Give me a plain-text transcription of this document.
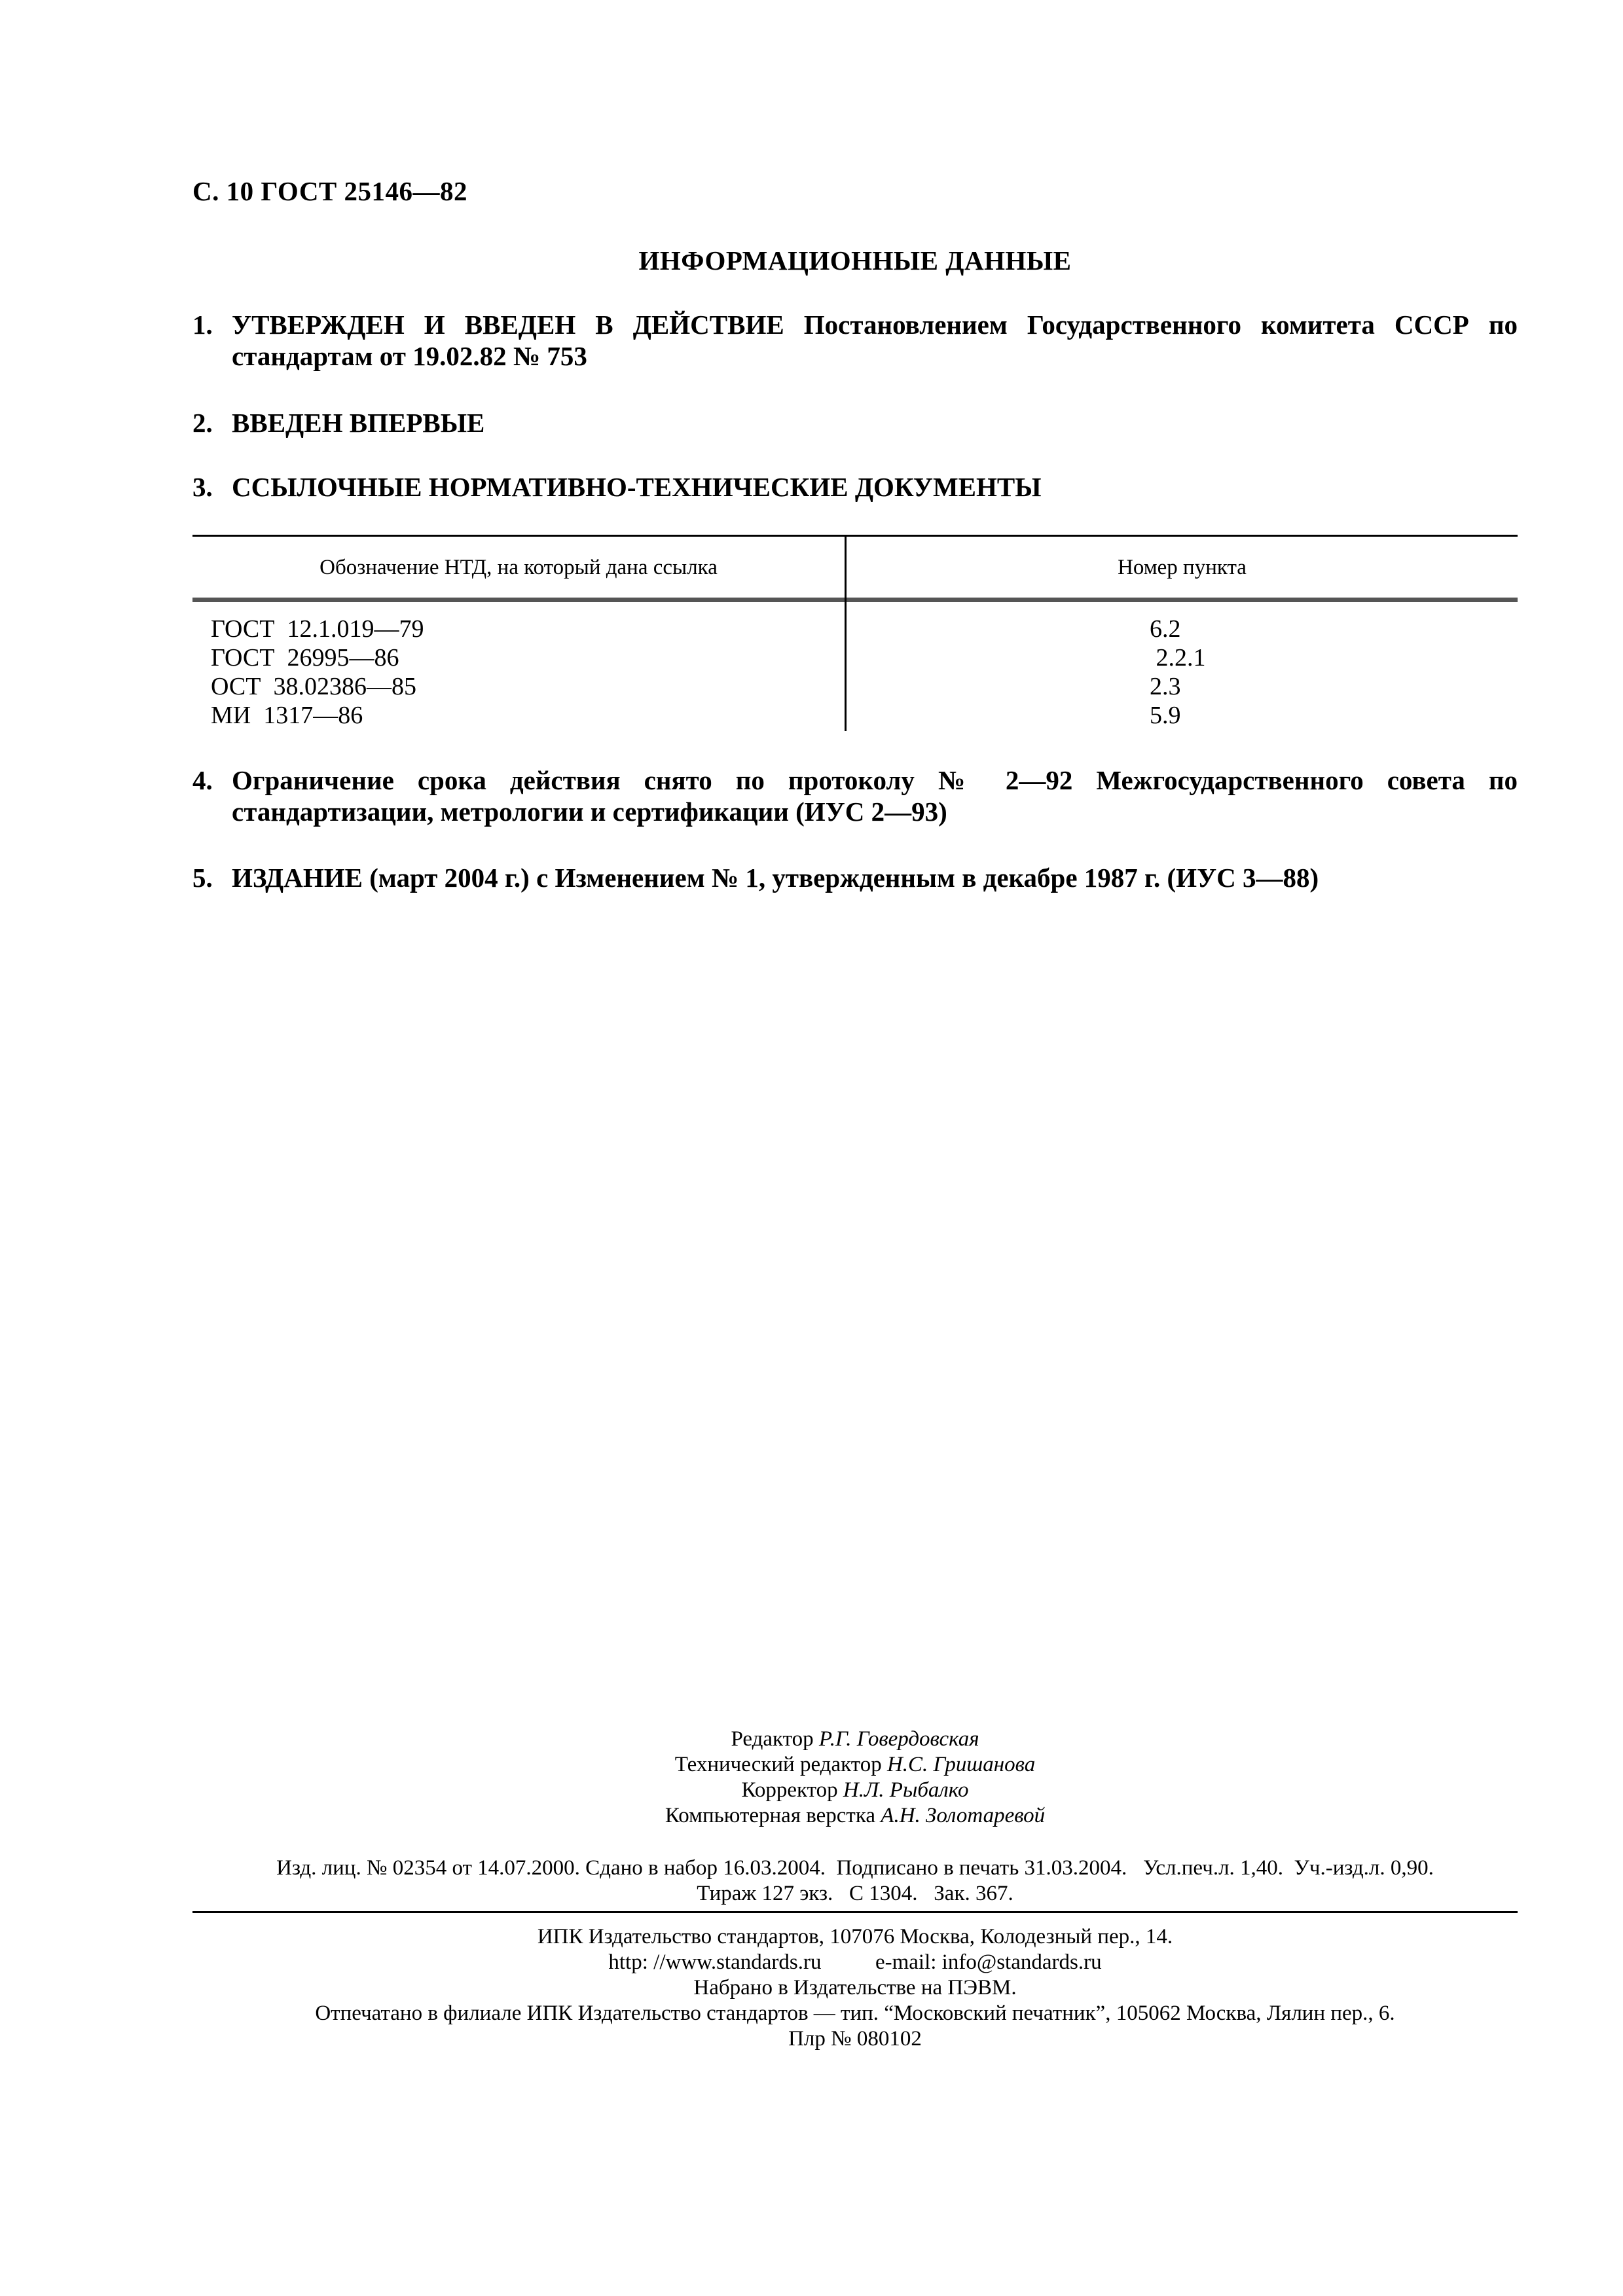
С. 10 ГОСТ 25146—82
ИНФОРМАЦИОННЫЕ ДАННЫЕ
1. УТВЕРЖДЕН И ВВЕДЕН В ДЕЙСТВИЕ Постановлением Государственного комитета СССР по стандартам от 19.02.82 № 753
2. ВВЕДЕН ВПЕРВЫЕ
3. ССЫЛОЧНЫЕ НОРМАТИВНО-ТЕХНИЧЕСКИЕ ДОКУМЕНТЫ
Обозначение НТД, на который дана ссылка	Номер пункта
ГОСТ  12.1.019—79
ГОСТ  26995—86
ОСТ  38.02386—85
МИ  1317—86
6.2
2.2.1
2.3
5.9
4. Ограничение срока действия снято по протоколу № 2—92 Межгосударственного совета по стандартизации, метрологии и сертификации (ИУС 2—93)
5. ИЗДАНИЕ (март 2004 г.) с Изменением № 1, утвержденным в декабре 1987 г. (ИУС 3—88)
Редактор Р.Г. Говердовская
Технический редактор Н.С. Гришанова
Корректор Н.Л. Рыбалко
Компьютерная верстка А.Н. Золотаревой
Изд. лиц. № 02354 от 14.07.2000. Сдано в набор 16.03.2004.  Подписано в печать 31.03.2004.   Усл.печ.л. 1,40.  Уч.-изд.л. 0,90.
Тираж 127 экз.   С 1304.   Зак. 367.
ИПК Издательство стандартов, 107076 Москва, Колодезный пер., 14.
http: //www.standards.ru          e-mail: info@standards.ru
Набрано в Издательстве на ПЭВМ.
Отпечатано в филиале ИПК Издательство стандартов — тип. “Московский печатник”, 105062 Москва, Лялин пер., 6.
Плр № 080102
